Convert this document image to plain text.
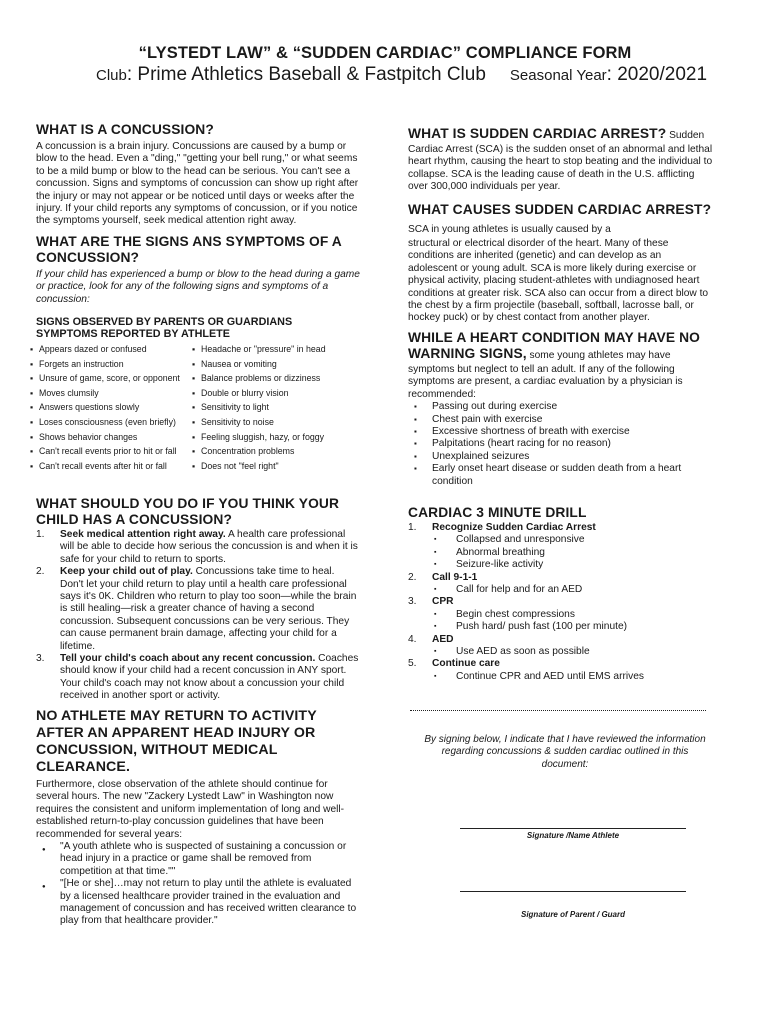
“LYSTEDT LAW” & “SUDDEN CARDIAC” COMPLIANCE FORM
Club: Prime Athletics Baseball & Fastpitch Club Seasonal Year: 2020/2021
WHAT IS A CONCUSSION?

A concussion is a brain injury. Concussions are caused by a bump or blow to the head. Even a "ding," "getting your bell rung," or what seems to be a mild bump or blow to the head can be serious. You can't see a concussion. Signs and symptoms of concussion can show up right after the injury or may not appear or be noticed until days or weeks after the injury. If your child reports any symptoms of concussion, or if you notice the symptoms yourself, seek medical attention right away.

WHAT ARE THE SIGNS ANS SYMPTOMS OF A CONCUSSION?

If your child has experienced a bump or blow to the head during a game or practice, look for any of the following signs and symptoms of a concussion:

SIGNS OBSERVED BY PARENTS OR GUARDIANS SYMPTOMS REPORTED BY ATHLETE
▪ Appears dazed or confused
▪ Forgets an instruction
▪ Unsure of game, score, or opponent
▪ Moves clumsily
▪ Answers questions slowly
▪ Loses consciousness (even briefly)
▪ Shows behavior changes
▪ Can't recall events prior to hit or fall
▪ Can't recall events after hit or fall
▪ Headache or "pressure" in head
▪ Nausea or vomiting
▪ Balance problems or dizziness
▪ Double or blurry vision
▪ Sensitivity to light
▪ Sensitivity to noise
▪ Feeling sluggish, hazy, or foggy
▪ Concentration problems
▪ Does not "feel right"
WHAT SHOULD YOU DO IF YOU THINK YOUR CHILD HAS A CONCUSSION?
1. Seek medical attention right away. A health care professional will be able to decide how serious the concussion is and when it is safe for your child to return to sports.
2. Keep your child out of play. Concussions take time to heal. Don't let your child return to play until a health care professional says it's 0K. Children who return to play too soon—while the brain is still healing—risk a greater chance of having a second concussion. Subsequent concussions can be very serious. They can cause permanent brain damage, affecting your child for a lifetime.
3. Tell your child's coach about any recent concussion. Coaches should know if your child had a recent concussion in ANY sport. Your child's coach may not know about a concussion your child received in another sport or activity.
NO ATHLETE MAY RETURN TO ACTIVITY AFTER AN APPARENT HEAD INJURY OR CONCUSSION, WITHOUT MEDICAL CLEARANCE.

Furthermore, close observation of the athlete should continue for several hours. The new "Zackery Lystedt Law" in Washington now requires the consistent and uniform implementation of long and well-established return-to-play concussion guidelines that have been recommended for several years:

● "A youth athlete who is suspected of sustaining a concussion or head injury in a practice or game shall be removed from competition at that time.""
● "[He or she]…may not return to play until the athlete is evaluated by a licensed healthcare provider trained in the evaluation and management of concussion and has received written clearance to play from that healthcare provider."
WHAT IS SUDDEN CARDIAC ARREST? Sudden

Cardiac Arrest (SCA) is the sudden onset of an abnormal and lethal heart rhythm, causing the heart to stop beating and the individual to collapse. SCA is the leading cause of death in the U.S. afflicting over 300,000 individuals per year.

WHAT CAUSES SUDDEN CARDIAC ARREST? SCA in young athletes is usually caused by a

structural or electrical disorder of the heart. Many of these conditions are inherited (genetic) and can develop as an adolescent or young adult. SCA is more likely during exercise or physical activity, placing student-athletes with undiagnosed heart conditions at greater risk. SCA also can occur from a direct blow to the chest by a firm projectile (baseball, softball, lacrosse ball, or hockey puck) or by chest contact from another player.

WHILE A HEART CONDITION MAY HAVE NO WARNING SIGNS, some young athletes may have

symptoms but neglect to tell an adult. If any of the following symptoms are present, a cardiac evaluation by a physician is recommended:

▪ Passing out during exercise
▪ Chest pain with exercise
▪ Excessive shortness of breath with exercise
▪ Palpitations (heart racing for no reason)
▪ Unexplained seizures
▪ Early onset heart disease or sudden death from a heart condition
CARDIAC 3 MINUTE DRILL
1. Recognize Sudden Cardiac Arrest
▪ Collapsed and unresponsive
▪ Abnormal breathing
▪ Seizure-like activity
2. Call 9-1-1
▪ Call for help and for an AED
3. CPR
▪ Begin chest compressions
▪ Push hard/ push fast (100 per minute)
4. AED
▪ Use AED as soon as possible
5. Continue care
▪ Continue CPR and AED until EMS arrives
By signing below, I indicate that I have reviewed the information regarding concussions & sudden cardiac outlined in this document:
Signature /Name Athlete
Signature of Parent / Guard
